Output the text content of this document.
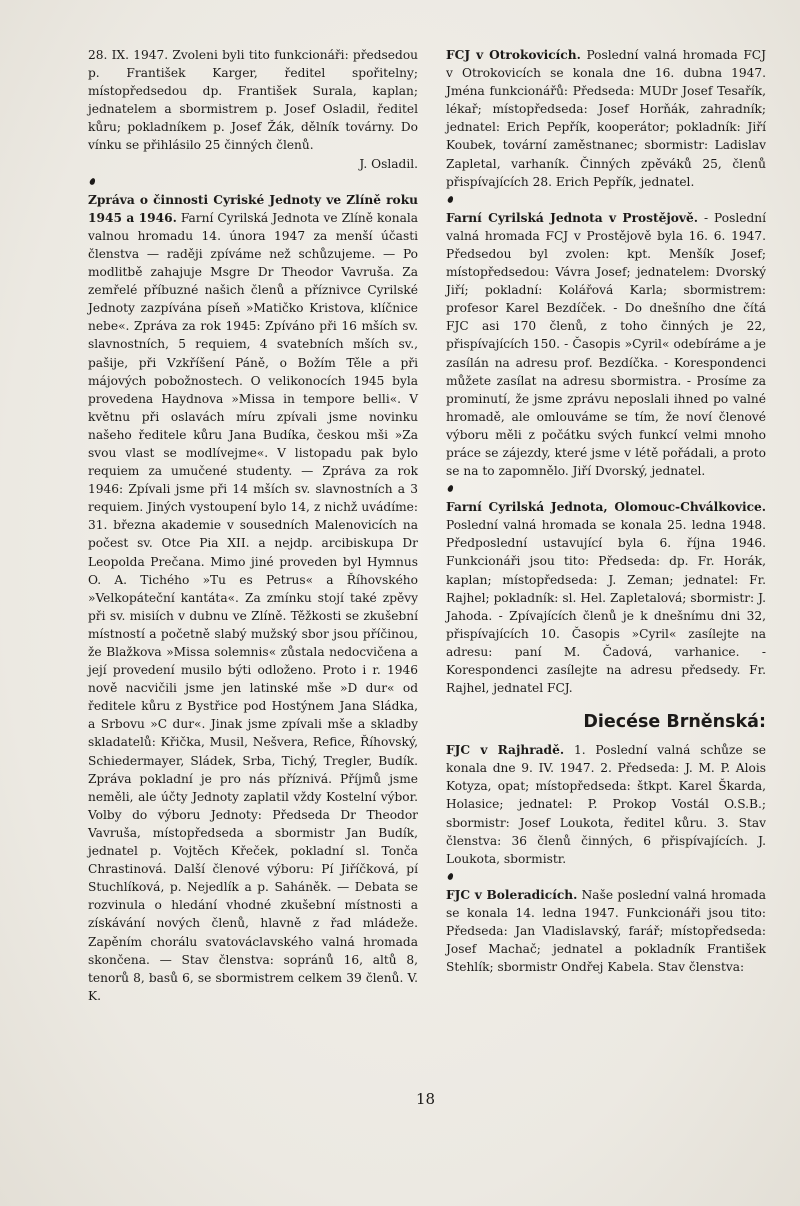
28. IX. 1947. Zvoleni byli tito funkcionáři: předsedou p. František Karger, ředitel spořitelny; místopředsedou dp. František Surala, kaplan; jednatelem a sbormistrem p. Josef Osladil, ředitel kůru; pokladníkem p. Josef Žák, dělník továrny. Do vínku se přihlásilo 25 činných členů.

J. Osladil.

Zpráva o činnosti Cyriské Jednoty ve Zlíně roku 1945 a 1946. Farní Cyrilská Jednota ve Zlíně konala valnou hromadu 14. února 1947 za menší účasti členstva — raději zpíváme než schůzujeme. — Po modlitbě zahajuje Msgre Dr Theodor Vavruša. Za zemřelé příbuzné našich členů a příznivce Cyrilské Jednoty zazpívána píseň »Matičko Kristova, klíčnice nebe«. Zpráva za rok 1945: Zpíváno při 16 mších sv. slavnostních, 5 requiem, 4 svatebních mších sv., pašije, při Vzkříšení Páně, o Božím Těle a při májových pobožnostech. O velikonocích 1945 byla provedena Haydnova »Missa in tempore belli«. V květnu při oslavách míru zpívali jsme novinku našeho ředitele kůru Jana Budíka, českou mši »Za svou vlast se modlívejme«. V listopadu pak bylo requiem za umučené studenty. — Zpráva za rok 1946: Zpívali jsme při 14 mších sv. slavnostních a 3 requiem. Jiných vystoupení bylo 14, z nichž uvádíme: 31. března akademie v sousedních Malenovicích na počest sv. Otce Pia XII. a nejdp. arcibiskupa Dr Leopolda Prečana. Mimo jiné proveden byl Hymnus O. A. Tichého »Tu es Petrus« a Říhovského »Velkopáteční kantáta«. Za zmínku stojí také zpěvy při sv. misiích v dubnu ve Zlíně. Těžkosti se zkušební místností a početně slabý mužský sbor jsou příčinou, že Blažkova »Missa solemnis« zůstala nedocvičena a její provedení musilo býti odloženo. Proto i r. 1946 nově nacvičili jsme jen latinské mše »D dur« od ředitele kůru z Bystřice pod Hostýnem Jana Sládka, a Srbovu »C dur«. Jinak jsme zpívali mše a skladby skladatelů: Křička, Musil, Nešvera, Refice, Říhovský, Schiedermayer, Sládek, Srba, Tichý, Tregler, Budík. Zpráva pokladní je pro nás příznivá. Příjmů jsme neměli, ale účty Jednoty zaplatil vždy Kostelní výbor. Volby do výboru Jednoty: Předseda Dr Theodor Vavruša, místopředseda a sbormistr Jan Budík, jednatel p. Vojtěch Křeček, pokladní sl. Tonča Chrastinová. Další členové výboru: Pí Jiříčková, pí Stuchlíková, p. Nejedlík a p. Saháněk. — Debata se rozvinula o hledání vhodné zkušební místnosti a získávání nových členů, hlavně z řad mládeže. Zapěním chorálu svatováclavského valná hromada skončena. — Stav členstva: sopránů 16, altů 8, tenorů 8, basů 6, se sbormistrem celkem 39 členů. V. K.

FCJ v Otrokovicích. Poslední valná hromada FCJ v Otrokovicích se konala dne 16. dubna 1947. Jména funkcionářů: Předseda: MUDr Josef Tesařík, lékař; místopředseda: Josef Horňák, zahradník; jednatel: Erich Pepřík, kooperátor; pokladník: Jiří Koubek, tovární zaměstnanec; sbormistr: Ladislav Zapletal, varhaník. Činných zpěváků 25, členů přispívajících 28. Erich Pepřík, jednatel.

Farní Cyrilská Jednota v Prostějově. - Poslední valná hromada FCJ v Prostějově byla 16. 6. 1947. Předsedou byl zvolen: kpt. Menšík Josef; místopředsedou: Vávra Josef; jednatelem: Dvorský Jiří; pokladní: Kolářová Karla; sbormistrem: profesor Karel Bezdíček. - Do dnešního dne čítá FJC asi 170 členů, z toho činných je 22, přispívajících 150. - Časopis »Cyril« odebíráme a je zasílán na adresu prof. Bezdíčka. - Korespondenci můžete zasílat na adresu sbormistra. - Prosíme za prominutí, že jsme zprávu neposlali ihned po valné hromadě, ale omlouváme se tím, že noví členové výboru měli z počátku svých funkcí velmi mnoho práce se zájezdy, které jsme v létě pořádali, a proto se na to zapomnělo. Jiří Dvorský, jednatel.

Farní Cyrilská Jednota, Olomouc-Chválkovice. Poslední valná hromada se konala 25. ledna 1948. Předposlední ustavující byla 6. října 1946. Funkcionáři jsou tito: Předseda: dp. Fr. Horák, kaplan; místopředseda: J. Zeman; jednatel: Fr. Rajhel; pokladník: sl. Hel. Zapletalová; sbormistr: J. Jahoda. - Zpívajících členů je k dnešnímu dni 32, přispívajících 10. Časopis »Cyril« zasílejte na adresu: paní M. Čadová, varhanice. - Korespondenci zasílejte na adresu předsedy. Fr. Rajhel, jednatel FCJ.

Diecése Brněnská:

FJC v Rajhradě. 1. Poslední valná schůze se konala dne 9. IV. 1947. 2. Předseda: J. M. P. Alois Kotyza, opat; místopředseda: štkpt. Karel Škarda, Holasice; jednatel: P. Prokop Vostál O.S.B.; sbormistr: Josef Loukota, ředitel kůru. 3. Stav členstva: 36 členů činných, 6 přispívajících. J. Loukota, sbormistr.

FJC v Boleradicích. Naše poslední valná hromada se konala 14. ledna 1947. Funkcionáři jsou tito: Předseda: Jan Vladislavský, farář; místopředseda: Josef Machač; jednatel a pokladník František Stehlík; sbormistr Ondřej Kabela. Stav členstva:

18
